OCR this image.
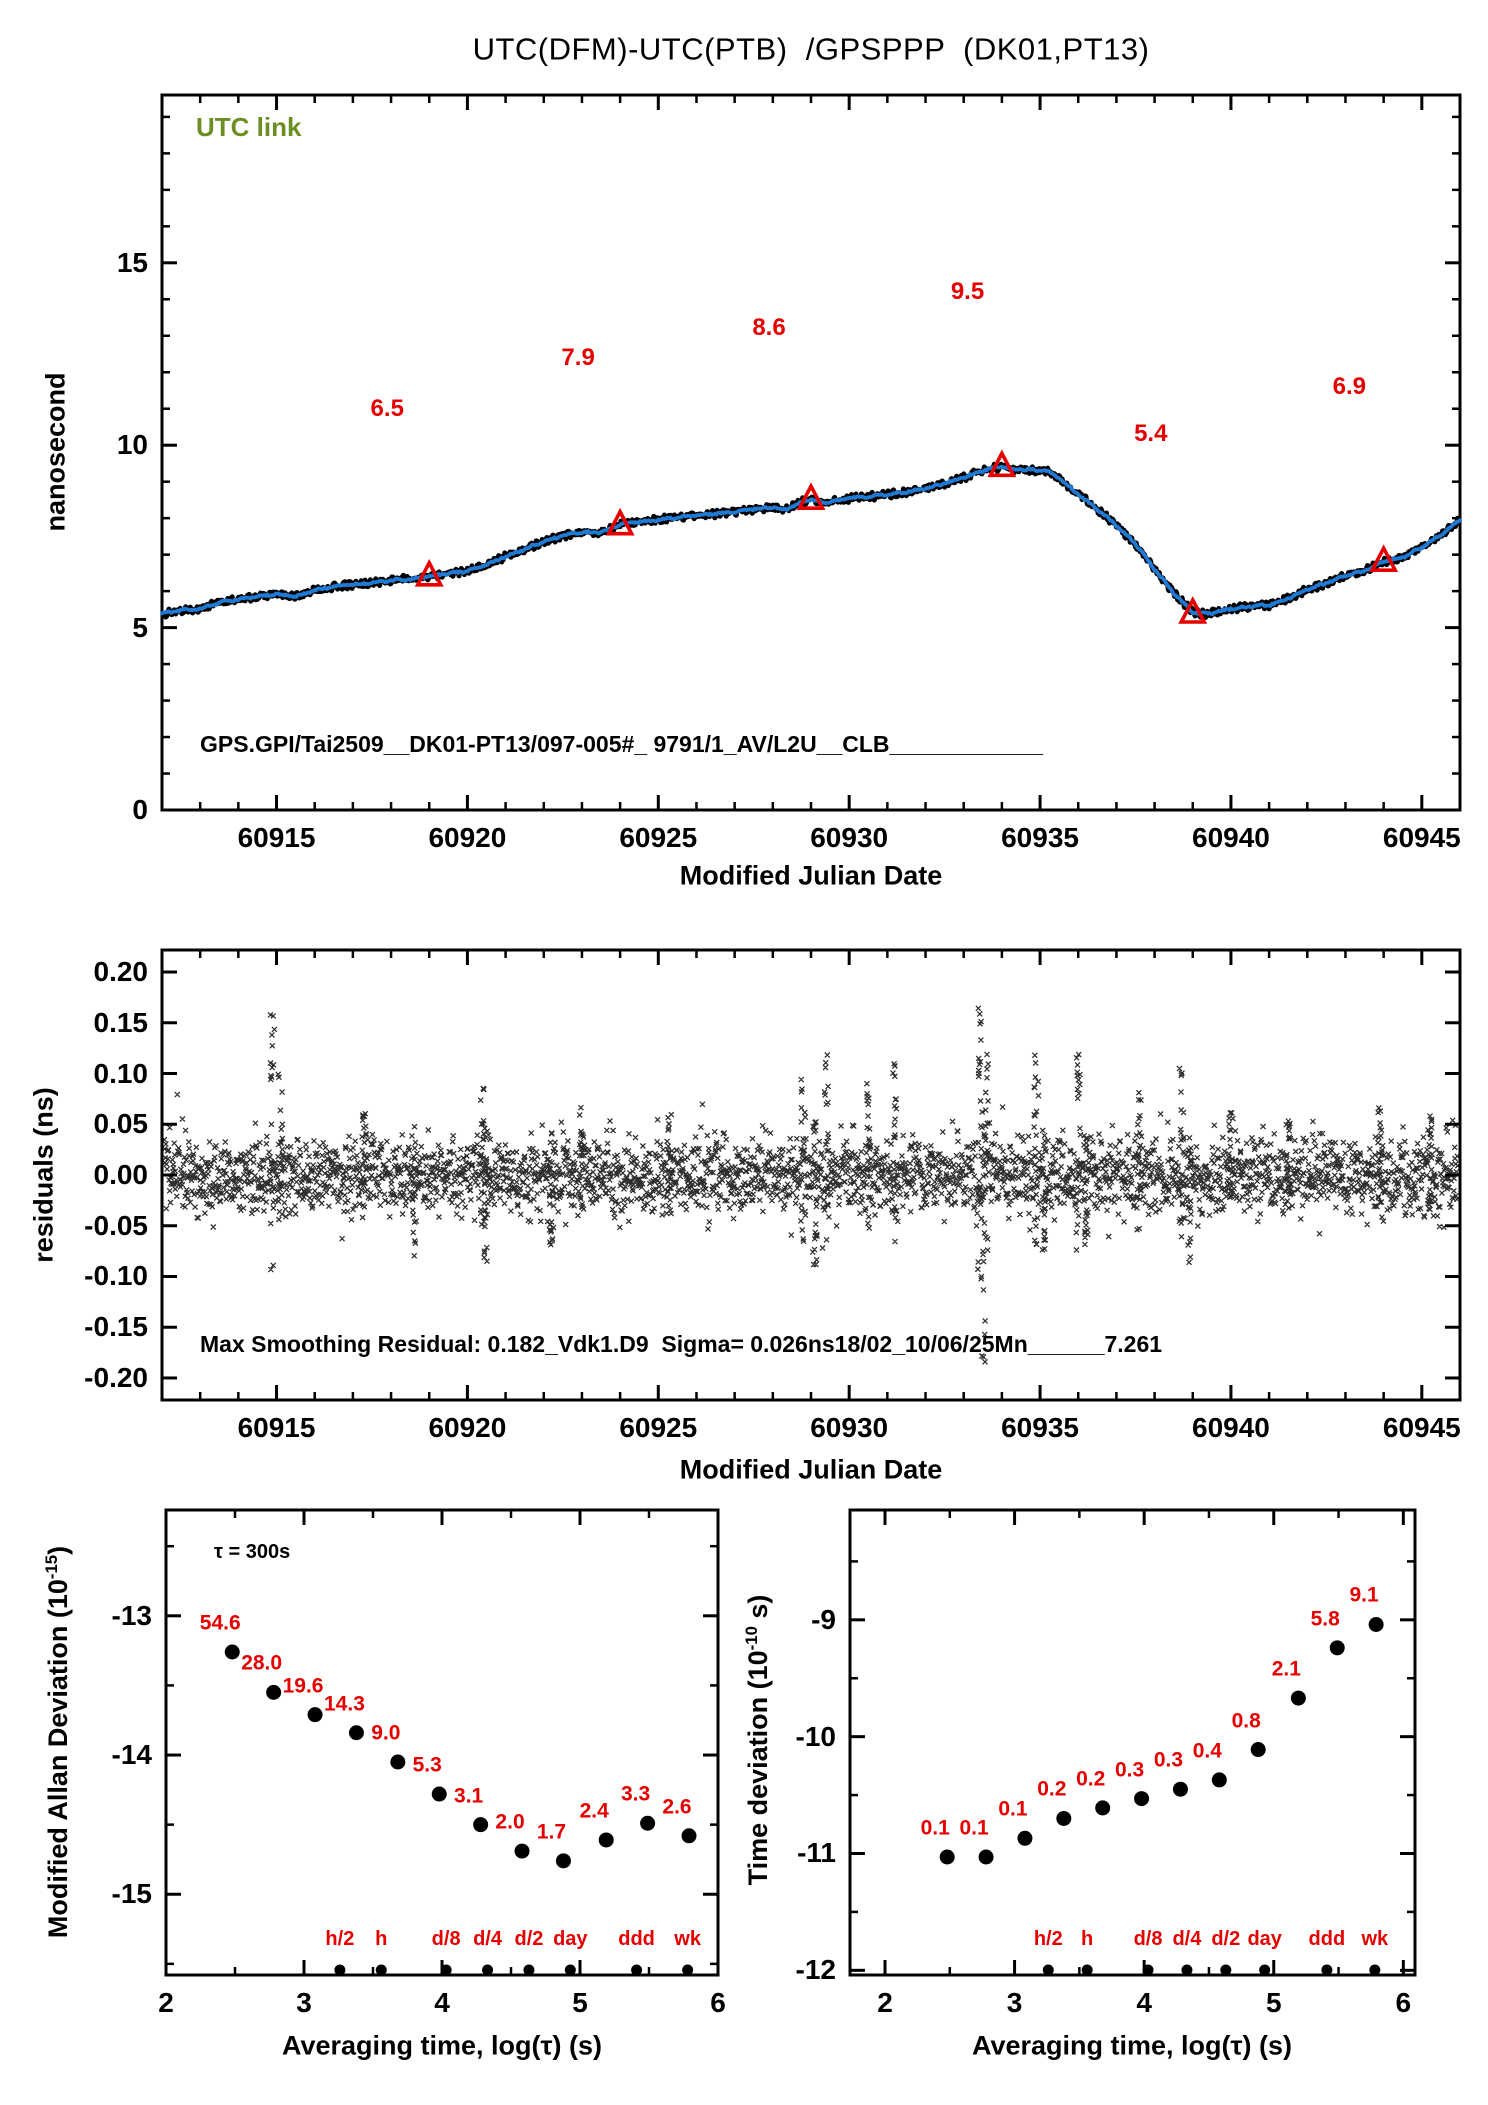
UTC(DFM)-UTC(PTB)  /GPSPPP  (DK01,PT13)
UTC link
nanosecond
GPS.GPI/Tai2509__DK01-PT13/097-005#_ 9791/1_AV/L2U__CLB____________
Modified Julian Date
residuals (ns)
Max Smoothing Residual: 0.182_Vdk1.D9  Sigma= 0.026ns18/02_10/06/25Mn______7.261
Modified Julian Date
τ = 300s
Modified Allan Deviation $(10^{-15})$
Averaging time, log(τ) (s)
Time deviation ($10^{-10}$ s)
Averaging time, log(τ) (s)
60915	60920	60925	60930	60935	60940	60945
0
5
10
15
6.5
7.9
8.6
9.5
5.4
6.9
60915	60920	60925	60930	60935	60940	60945
0.20
0.15
0.10
0.05
0.00
-0.05
-0.10
-0.15
-0.20
2	3	4	5	6
-13
-14
-15
54.6
28.0
19.6
14.3
9.0
5.3
3.1
2.0 1.7
2.4
3.3
2.6
h/2 h d/8 d/4 d/2 day ddd wk
2	3	4	5	6
-9
-10
-11
-12
0.1 0.1
0.1
0.2 0.2 0.3 0.3 0.4
0.8
2.1
5.8
9.1
h/2 h d/8 d/4 d/2 day ddd wk
